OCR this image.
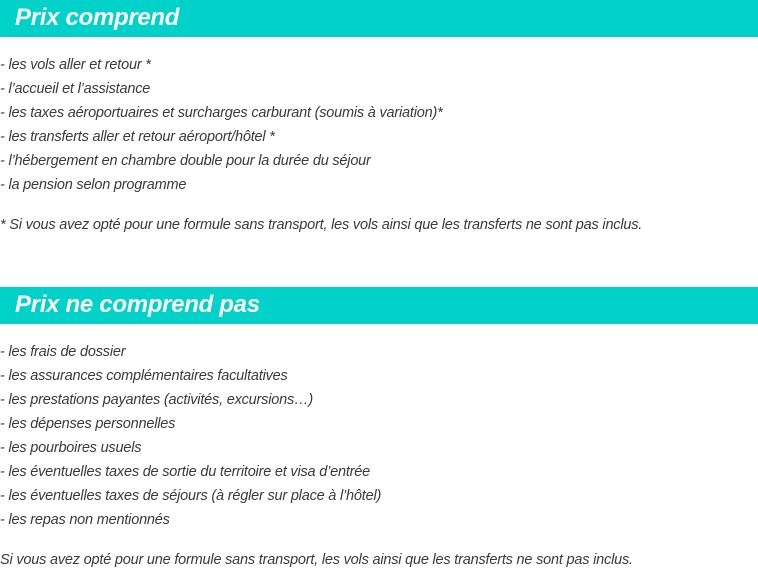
Prix comprend
- les vols aller et retour *
- l’accueil et l’assistance
- les taxes aéroportuaires et surcharges carburant (soumis à variation)*
- les transferts aller et retour aéroport/hôtel *
- l’hébergement en chambre double pour la durée du séjour
- la pension selon programme

* Si vous avez opté pour une formule sans transport, les vols ainsi que les transferts ne sont pas inclus.

Prix ne comprend pas
- les frais de dossier
- les assurances complémentaires facultatives
- les prestations payantes (activités, excursions…)
- les dépenses personnelles
- les pourboires usuels
- les éventuelles taxes de sortie du territoire et visa d’entrée
- les éventuelles taxes de séjours (à régler sur place à l’hôtel)
- les repas non mentionnés

Si vous avez opté pour une formule sans transport, les vols ainsi que les transferts ne sont pas inclus.
